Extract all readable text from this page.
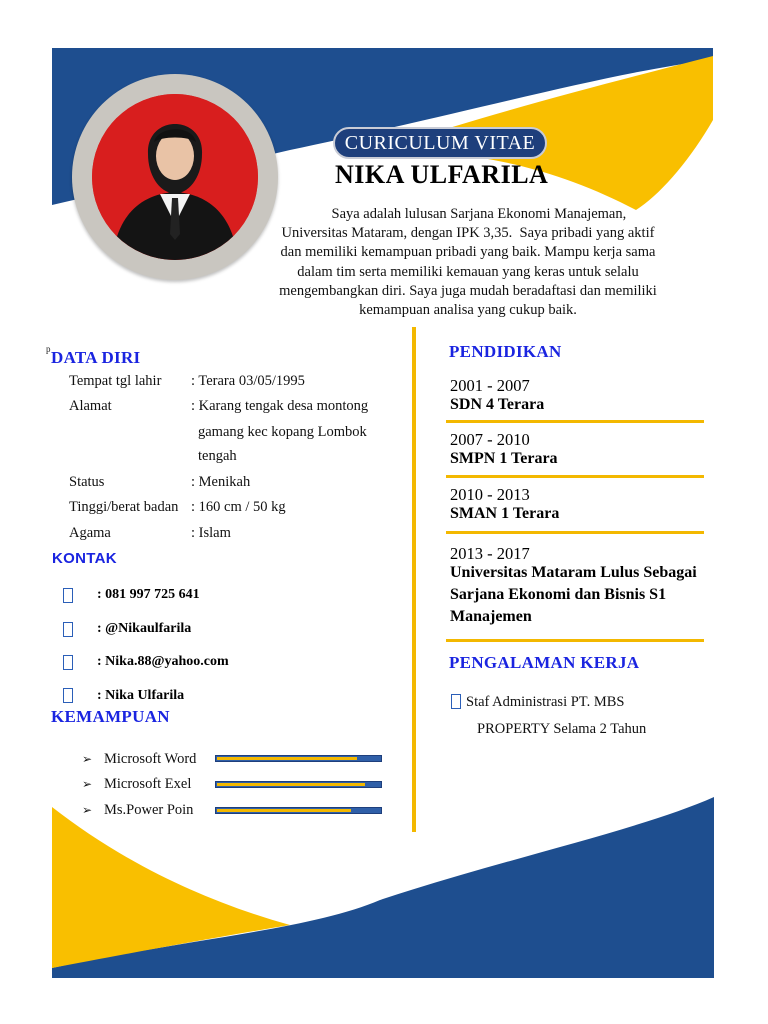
CURICULUM VITAE
NIKA ULFARILA
Saya adalah lulusan Sarjana Ekonomi Manajeman,
Universitas Mataram, dengan IPK 3,35.  Saya pribadi yang aktif
dan memiliki kemampuan pribadi yang baik. Mampu kerja sama
dalam tim serta memiliki kemauan yang keras untuk selalu
mengembangkan diri. Saya juga mudah beradaftasi dan memiliki
kemampuan analisa yang cukup baik.
p DATA DIRI
Tempat tgl lahir : Terara 03/05/1995
Alamat	: Karang tengak desa montong
gamang kec kopang Lombok
tengah
Status	: Menikah
Tinggi/berat badan : 160 cm / 50 kg
Agama	: Islam
KONTAK
: 081 997 725 641
: @Nikaulfarila
: Nika.88@yahoo.com
: Nika Ulfarila
KEMAMPUAN
➢ Microsoft Word
➢ Microsoft Exel
➢ Ms.Power Poin
PENDIDIKAN
2001 - 2007
SDN 4 Terara
2007 - 2010
SMPN 1 Terara
2010 - 2013
SMAN 1 Terara
2013 - 2017
Universitas Mataram Lulus Sebagai Sarjana Ekonomi dan Bisnis S1 Manajemen
PENGALAMAN KERJA
Staf Administrasi PT. MBS
PROPERTY Selama 2 Tahun
